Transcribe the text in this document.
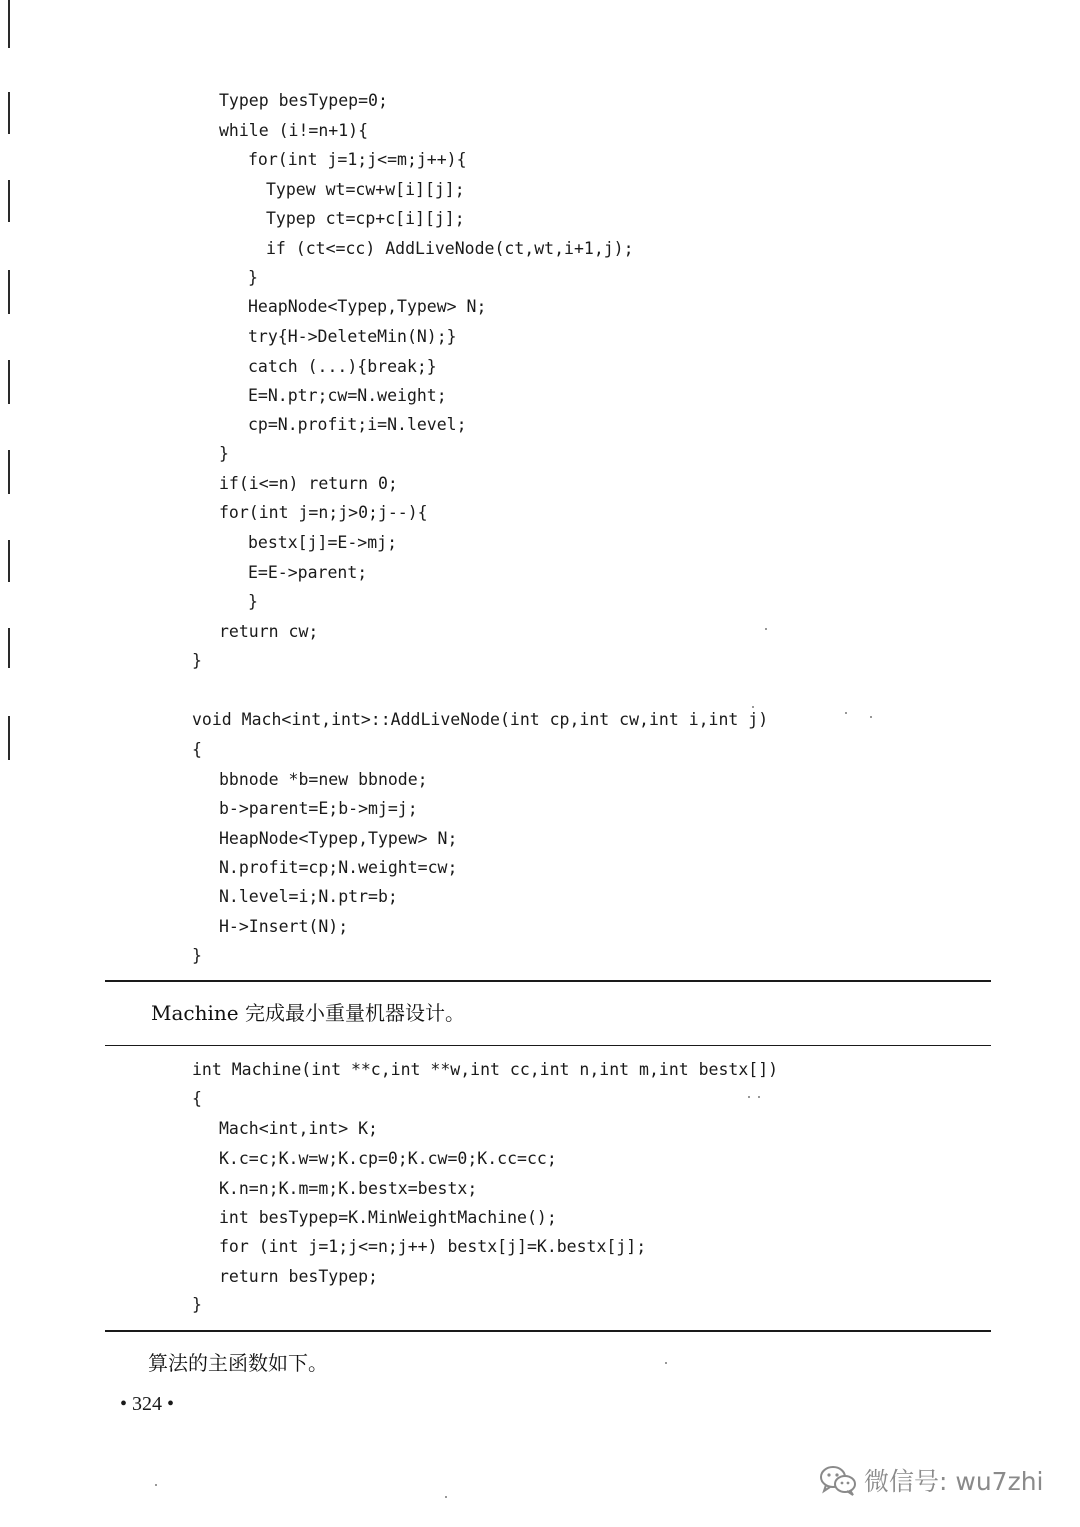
Typep besTypep=0;
while (i!=n+1){
for(int j=1;j<=m;j++){
Typew wt=cw+w[i][j];
Typep ct=cp+c[i][j];
if (ct<=cc) AddLiveNode(ct,wt,i+1,j);
}
HeapNode<Typep,Typew> N;
try{H->DeleteMin(N);}
catch (...){break;}
E=N.ptr;cw=N.weight;
cp=N.profit;i=N.level;
}
if(i<=n) return 0;
for(int j=n;j>0;j--){
bestx[j]=E->mj;
E=E->parent;
}
return cw;
}
void Mach<int,int>::AddLiveNode(int cp,int cw,int i,int j)
{
bbnode *b=new bbnode;
b->parent=E;b->mj=j;
HeapNode<Typep,Typew> N;
N.profit=cp;N.weight=cw;
N.level=i;N.ptr=b;
H->Insert(N);
}
Machine 完成最小重量机器设计。
int Machine(int **c,int **w,int cc,int n,int m,int bestx[])
{
Mach<int,int> K;
K.c=c;K.w=w;K.cp=0;K.cw=0;K.cc=cc;
K.n=n;K.m=m;K.bestx=bestx;
int besTypep=K.MinWeightMachine();
for (int j=1;j<=n;j++) bestx[j]=K.bestx[j];
return besTypep;
}
算法的主函数如下。
• 324 •
微信号: wu7zhi
